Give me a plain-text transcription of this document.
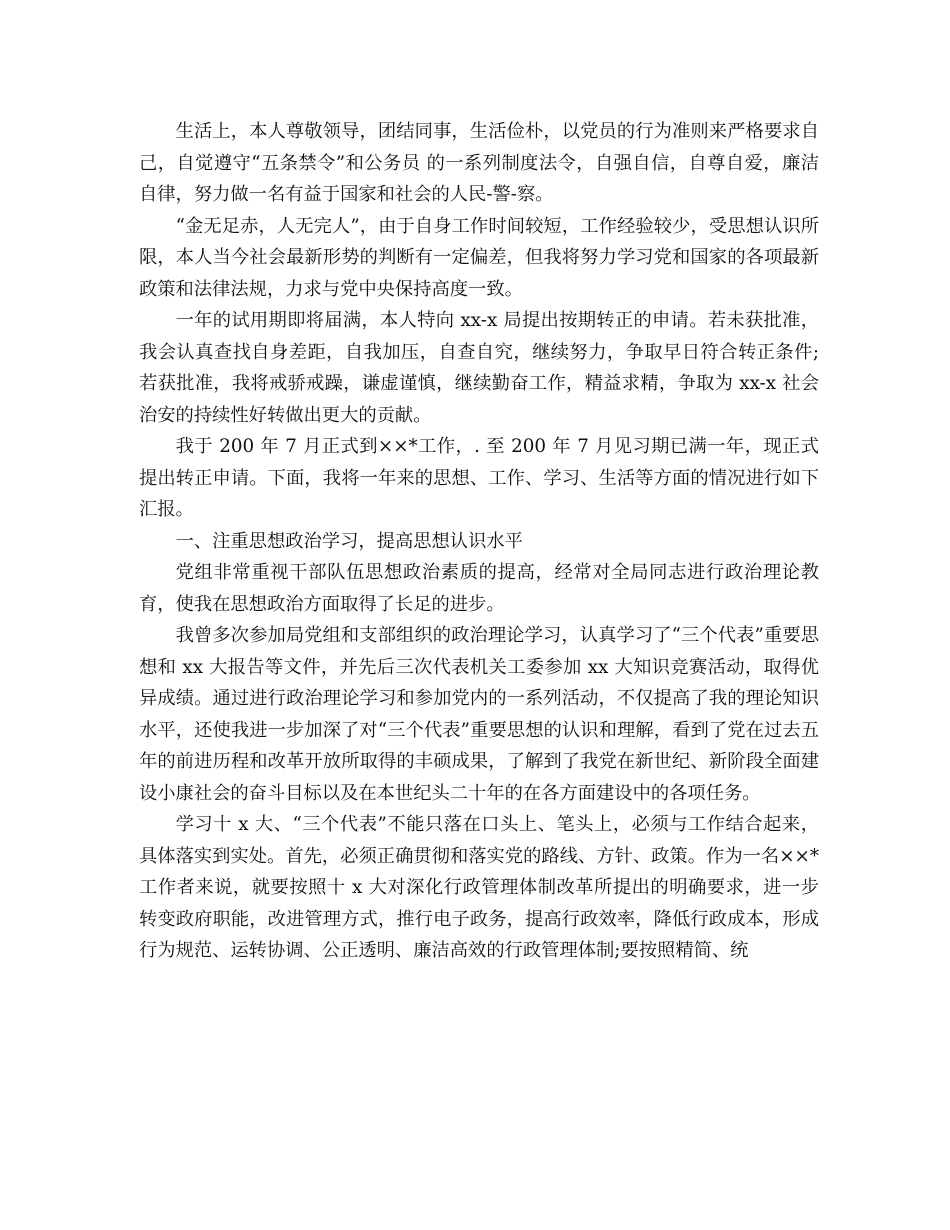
生活上，本人尊敬领导，团结同事，生活俭朴，以党员的行为准则来严格要求自己，自觉遵守“五条禁令”和公务员 的一系列制度法令，自强自信，自尊自爱，廉洁自律，努力做一名有益于国家和社会的人民-警-察。

“金无足赤，人无完人”，由于自身工作时间较短，工作经验较少，受思想认识所限，本人当今社会最新形势的判断有一定偏差，但我将努力学习党和国家的各项最新政策和法律法规，力求与党中央保持高度一致。

一年的试用期即将届满，本人特向 xx-x 局提出按期转正的申请。若未获批准，我会认真查找自身差距，自我加压，自查自究，继续努力，争取早日符合转正条件;若获批准，我将戒骄戒躁，谦虚谨慎，继续勤奋工作，精益求精，争取为 xx-x 社会治安的持续性好转做出更大的贡献。

我于 200 年 7 月正式到××*工作，. 至 200 年 7 月见习期已满一年，现正式提出转正申请。下面，我将一年来的思想、工作、学习、生活等方面的情况进行如下汇报。

一、注重思想政治学习，提高思想认识水平

党组非常重视干部队伍思想政治素质的提高，经常对全局同志进行政治理论教育，使我在思想政治方面取得了长足的进步。

我曾多次参加局党组和支部组织的政治理论学习，认真学习了“三个代表”重要思想和 xx 大报告等文件，并先后三次代表机关工委参加 xx 大知识竞赛活动，取得优异成绩。通过进行政治理论学习和参加党内的一系列活动，不仅提高了我的理论知识水平，还使我进一步加深了对“三个代表”重要思想的认识和理解，看到了党在过去五年的前进历程和改革开放所取得的丰硕成果，了解到了我党在新世纪、新阶段全面建设小康社会的奋斗目标以及在本世纪头二十年的在各方面建设中的各项任务。

学习十 x 大、“三个代表”不能只落在口头上、笔头上，必须与工作结合起来，具体落实到实处。首先，必须正确贯彻和落实党的路线、方针、政策。作为一名××*工作者来说，就要按照十 x 大对深化行政管理体制改革所提出的明确要求，进一步转变政府职能，改进管理方式，推行电子政务，提高行政效率，降低行政成本，形成行为规范、运转协调、公正透明、廉洁高效的行政管理体制;要按照精简、统
